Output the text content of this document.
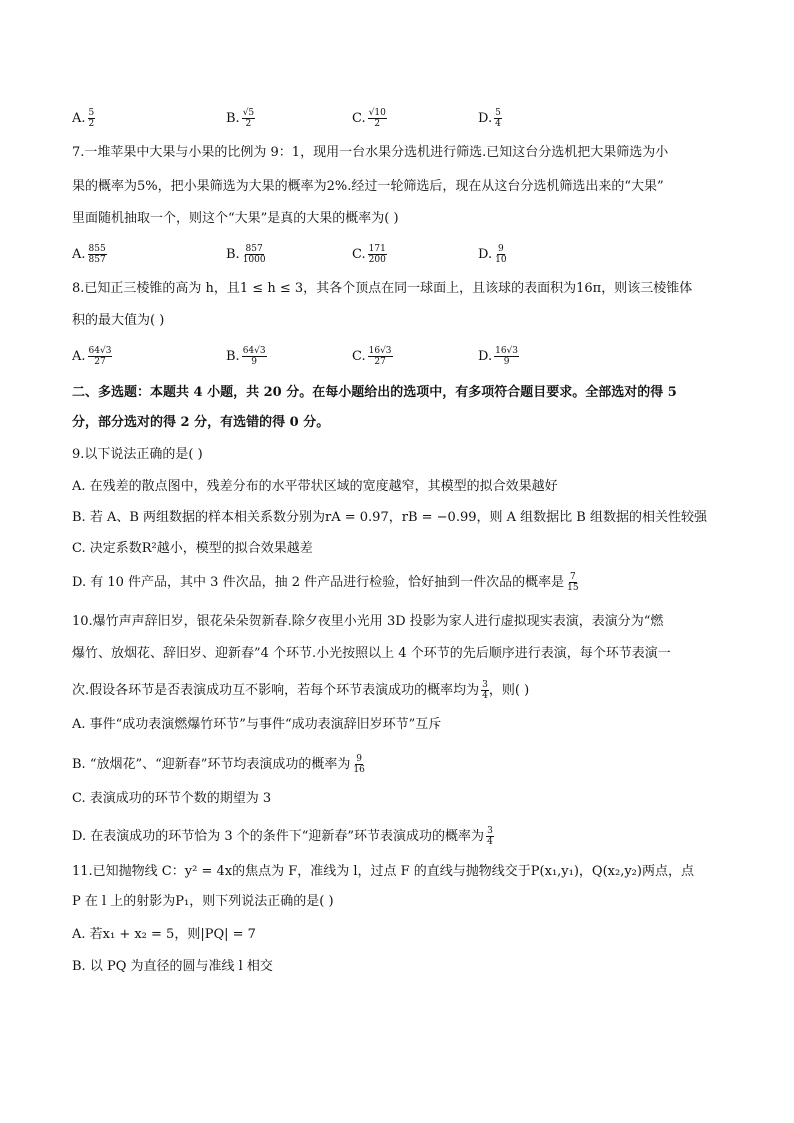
A. $\frac{5}{2}$	B. $\frac{√5}{2}$	C. $\frac{√10}{2}$	D. $\frac{5}{4}$
7.一堆苹果中大果与小果的比例为 9：1，现用一台水果分选机进行筛选.已知这台分选机把大果筛选为小
果的概率为5%，把小果筛选为大果的概率为2%.经过一轮筛选后，现在从这台分选机筛选出来的“大果”
里面随机抽取一个，则这个“大果”是真的大果的概率为( )
A. $\frac{855}{857}$	B. $\frac{857}{1000}$	C. $\frac{171}{200}$	D. $\frac{9}{10}$
8.已知正三棱锥的高为 h，且1 ≤ h ≤ 3，其各个顶点在同一球面上，且该球的表面积为16π，则该三棱锥体
积的最大值为( )
A. $\frac{64√3}{27}$	B. $\frac{64√3}{9}$	C. $\frac{16√3}{27}$	D. $\frac{16√3}{9}$
二、多选题：本题共 4 小题，共 20 分。在每小题给出的选项中，有多项符合题目要求。全部选对的得 5
分，部分选对的得 2 分，有选错的得 0 分。
9.以下说法正确的是( )
A. 在残差的散点图中，残差分布的水平带状区域的宽度越窄，其模型的拟合效果越好
B. 若 A、B 两组数据的样本相关系数分别为rA = 0.97，rB = −0.99，则 A 组数据比 B 组数据的相关性较强
C. 决定系数R²越小，模型的拟合效果越差
D. 有 10 件产品，其中 3 件次品，抽 2 件产品进行检验，恰好抽到一件次品的概率是 $\frac{7}{15}$
10.爆竹声声辞旧岁，银花朵朵贺新春.除夕夜里小光用 3D 投影为家人进行虚拟现实表演，表演分为“燃
爆竹、放烟花、辞旧岁、迎新春”4 个环节.小光按照以上 4 个环节的先后顺序进行表演，每个环节表演一
次.假设各环节是否表演成功互不影响，若每个环节表演成功的概率均为 $\frac{3}{4}$ ，则( )
A. 事件“成功表演燃爆竹环节”与事件“成功表演辞旧岁环节”互斥
B. “放烟花”、“迎新春”环节均表演成功的概率为 $\frac{9}{16}$
C. 表演成功的环节个数的期望为 3
D. 在表演成功的环节恰为 3 个的条件下“迎新春”环节表演成功的概率为 $\frac{3}{4}$
11.已知抛物线 C：y² = 4x的焦点为 F，准线为 l，过点 F 的直线与抛物线交于P(x₁,y₁)，Q(x₂,y₂)两点，点
P 在 l 上的射影为P₁，则下列说法正确的是( )
A. 若x₁ + x₂ = 5，则|PQ| = 7
B. 以 PQ 为直径的圆与准线 l 相交
